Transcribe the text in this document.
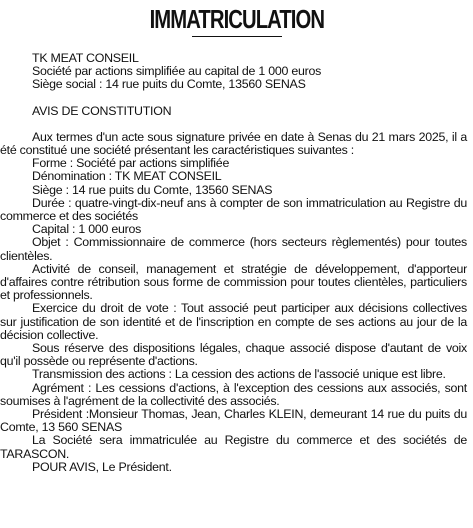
IMMATRICULATION
TK MEAT CONSEIL
Société par actions simplifiée au capital de 1 000 euros
Siège social : 14 rue puits du Comte, 13560 SENAS
AVIS DE CONSTITUTION

Aux termes d'un acte sous signature privée en date à Senas du 21 mars 2025, il a été constitué une société présentant les caractéristiques suivantes :

Forme : Société par actions simplifiée

Dénomination : TK MEAT CONSEIL

Siège : 14 rue puits du Comte, 13560 SENAS

Durée : quatre-vingt-dix-neuf ans à compter de son immatriculation au Registre du commerce et des sociétés

Capital : 1 000 euros

Objet : Commissionnaire de commerce (hors secteurs règlementés) pour toutes clientèles.

Activité de conseil, management et stratégie de développement, d'apporteur d'affaires contre rétribution sous forme de commission pour toutes clientèles, particuliers et professionnels.

Exercice du droit de vote : Tout associé peut participer aux décisions collectives sur justification de son identité et de l'inscription en compte de ses actions au jour de la décision collective.

Sous réserve des dispositions légales, chaque associé dispose d'autant de voix qu'il possède ou représente d'actions.

Transmission des actions : La cession des actions de l'associé unique est libre.

Agrément : Les cessions d'actions, à l'exception des cessions aux associés, sont soumises à l'agrément de la collectivité des associés.

Président :Monsieur Thomas, Jean, Charles KLEIN, demeurant 14 rue du puits du Comte, 13 560 SENAS

La Société sera immatriculée au Registre du commerce et des sociétés de TARASCON.

POUR AVIS, Le Président.
